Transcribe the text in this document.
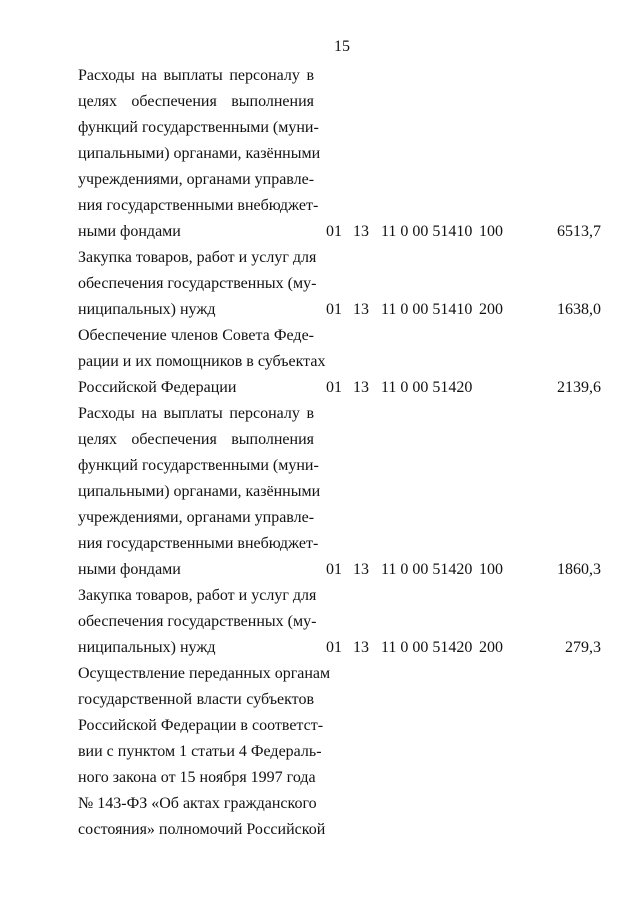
15
Расходы на выплаты персоналу в
целях обеспечения выполнения
функций государственными (муни-
ципальными) органами, казёнными
учреждениями, органами управле-
ния государственными внебюджет-
ными фондами	01 13 11 0 00 51410 100	6513,7
Закупка товаров, работ и услуг для
обеспечения государственных (му-
ниципальных) нужд	01 13 11 0 00 51410 200	1638,0
Обеспечение членов Совета Феде-
рации и их помощников в субъектах
Российской Федерации	01 13 11 0 00 51420	2139,6
Расходы на выплаты персоналу в
целях обеспечения выполнения
функций государственными (муни-
ципальными) органами, казёнными
учреждениями, органами управле-
ния государственными внебюджет-
ными фондами	01 13 11 0 00 51420 100	1860,3
Закупка товаров, работ и услуг для
обеспечения государственных (му-
ниципальных) нужд	01 13 11 0 00 51420 200	279,3
Осуществление переданных органам
государственной власти субъектов
Российской Федерации в соответст-
вии с пунктом 1 статьи 4 Федераль-
ного закона от 15 ноября 1997 года
№ 143-ФЗ «Об актах гражданского
состояния» полномочий Российской
